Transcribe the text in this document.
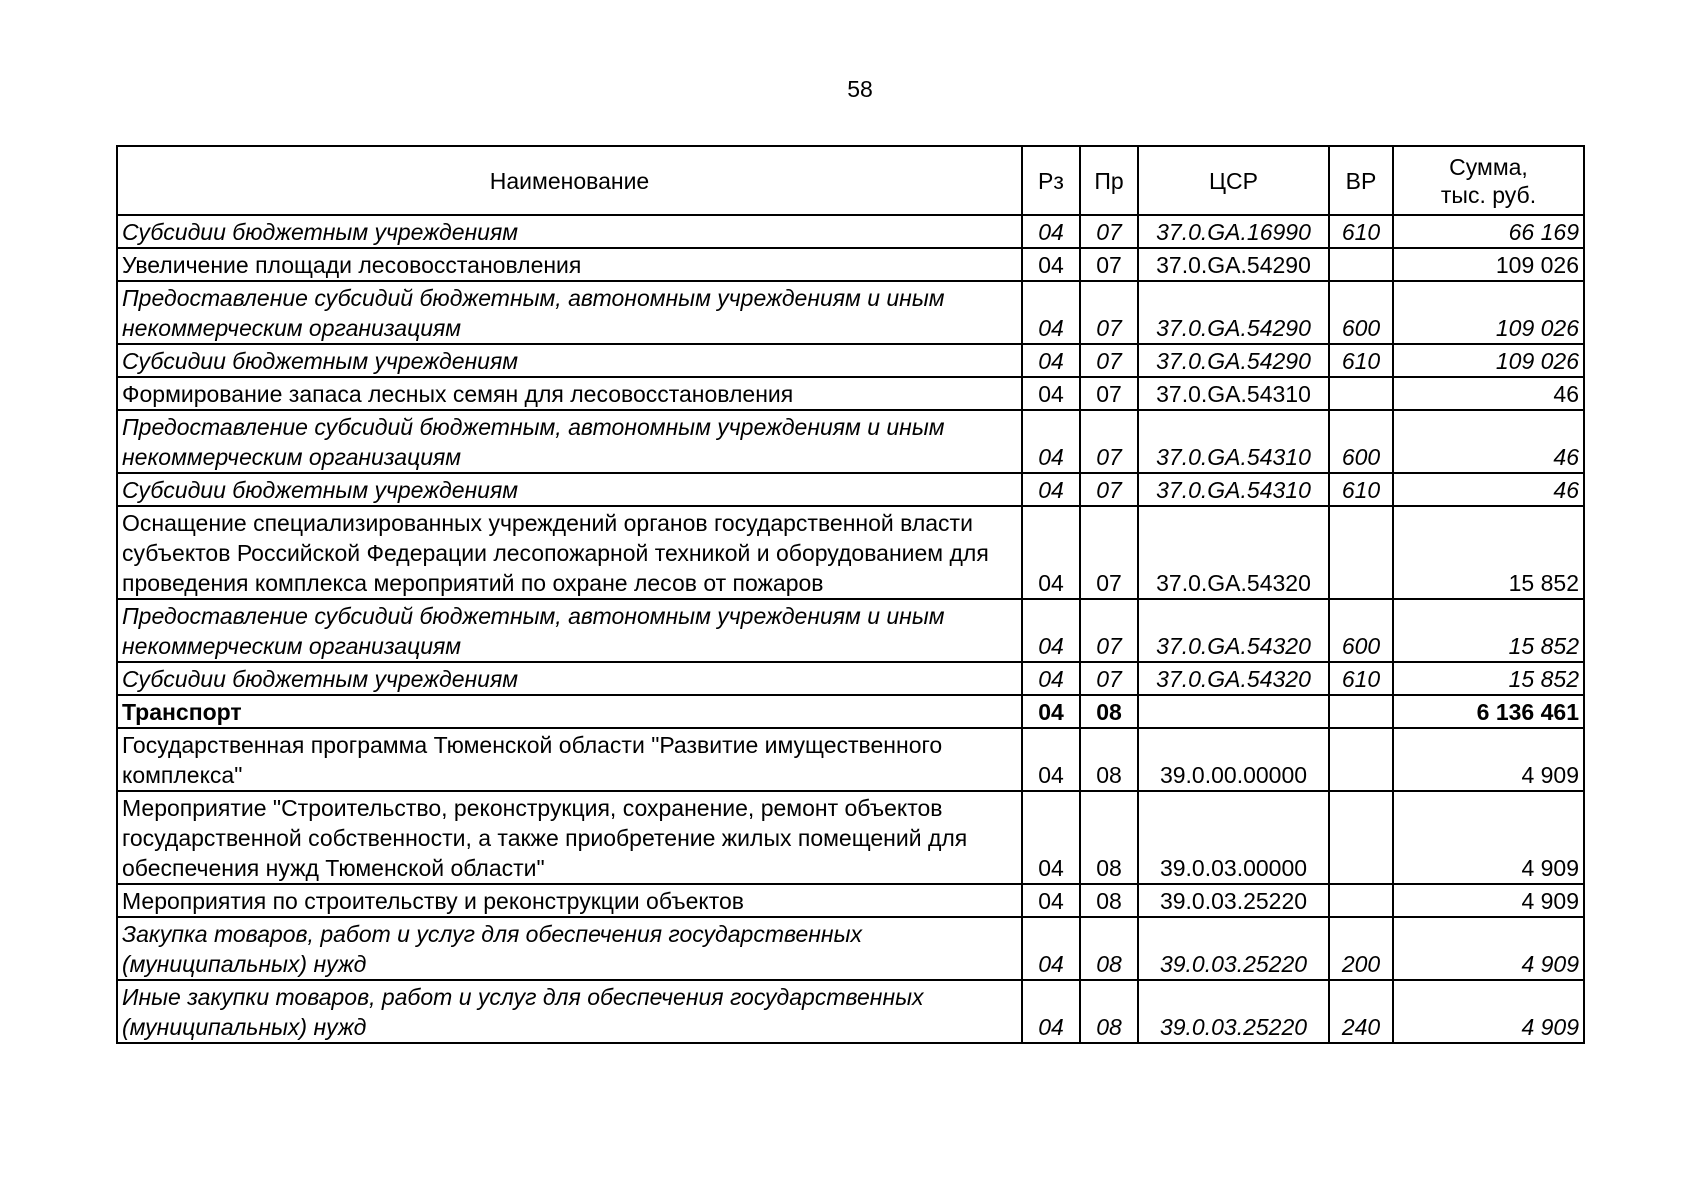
58
Наименование	Рз	Пр	ЦСР	ВР	Сумма,
тыс. руб.
Субсидии бюджетным учреждениям	04	07	37.0.GA.16990	610	66 169
Увеличение площади лесовосстановления	04	07	37.0.GA.54290		109 026
Предоставление субсидий бюджетным, автономным учреждениям и иным некоммерческим организациям	04	07	37.0.GA.54290	600	109 026
Субсидии бюджетным учреждениям	04	07	37.0.GA.54290	610	109 026
Формирование запаса лесных семян для лесовосстановления	04	07	37.0.GA.54310		46
Предоставление субсидий бюджетным, автономным учреждениям и иным некоммерческим организациям	04	07	37.0.GA.54310	600	46
Субсидии бюджетным учреждениям	04	07	37.0.GA.54310	610	46
Оснащение специализированных учреждений органов государственной власти субъектов Российской Федерации лесопожарной техникой и оборудованием для проведения комплекса мероприятий по охране лесов от пожаров	04	07	37.0.GA.54320		15 852
Предоставление субсидий бюджетным, автономным учреждениям и иным некоммерческим организациям	04	07	37.0.GA.54320	600	15 852
Субсидии бюджетным учреждениям	04	07	37.0.GA.54320	610	15 852
Транспорт	04	08			6 136 461
Государственная программа Тюменской области "Развитие имущественного комплекса"	04	08	39.0.00.00000		4 909
Мероприятие "Строительство, реконструкция, сохранение, ремонт объектов государственной собственности, а также приобретение жилых помещений для обеспечения нужд Тюменской области"	04	08	39.0.03.00000		4 909
Мероприятия по строительству и реконструкции объектов	04	08	39.0.03.25220		4 909
Закупка товаров, работ и услуг для обеспечения государственных (муниципальных) нужд	04	08	39.0.03.25220	200	4 909
Иные закупки товаров, работ и услуг для обеспечения государственных (муниципальных) нужд	04	08	39.0.03.25220	240	4 909
